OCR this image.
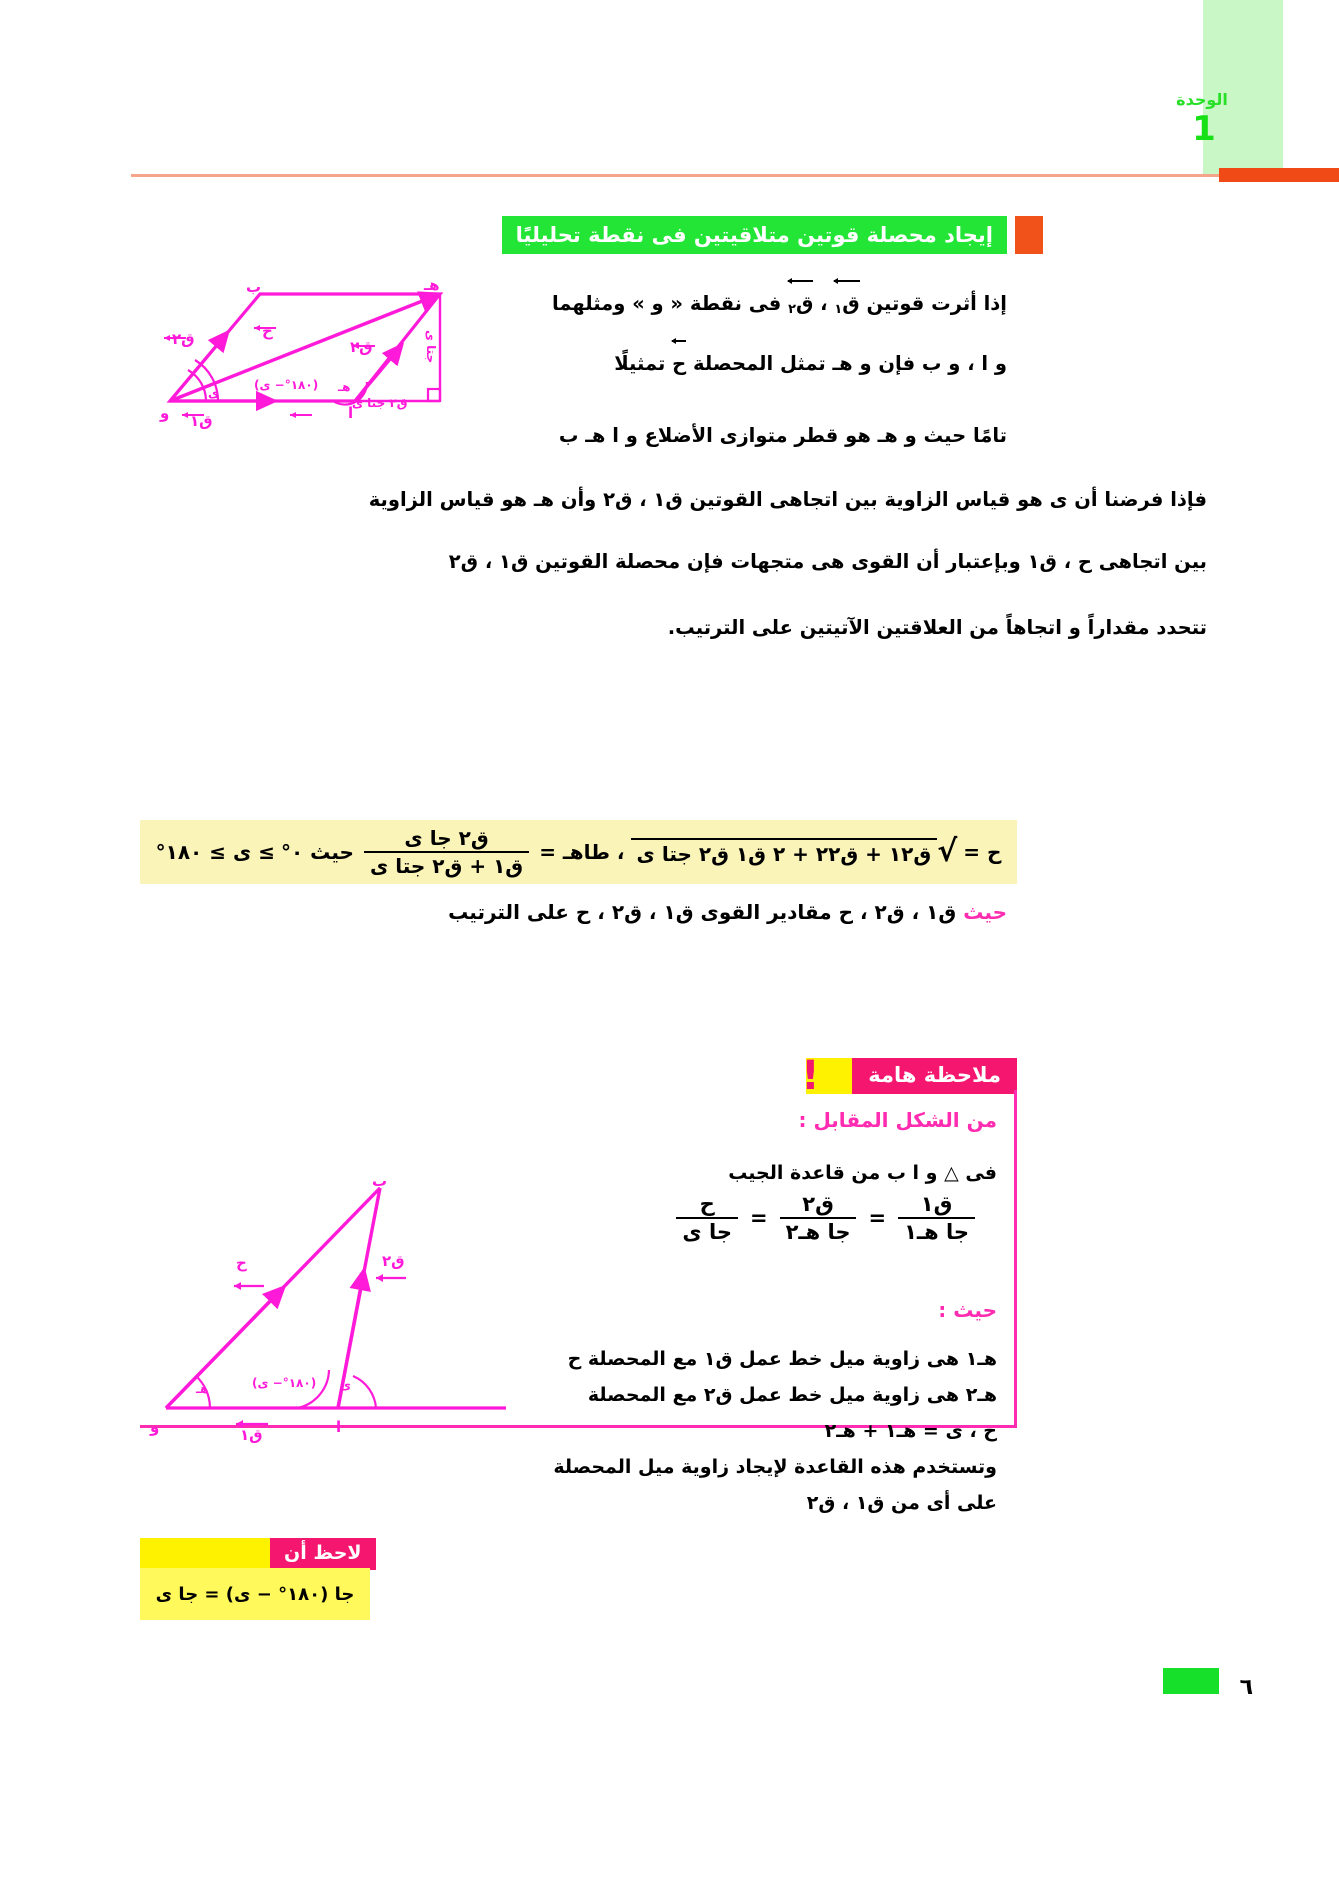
الوحدة
1
إيجاد محصلة قوتين متلاقيتين فى نقطة تحليليًا
ب	هـ
و	ا
ق٢	ق٢
ق١
ح
ى
(١٨٠°− ى) هـ
ق٢ جتا ى
جتا ى
إذا أثرت قوتين ق$_١$ ، ق$_٢$ فى نقطة « و » ومثلهما
و ا ، و ب فإن و هـ تمثل المحصلة ح تمثيلًا
تامًا حيث و هـ هو قطر متوازى الأضلاع و ا هـ ب
فإذا فرضنا أن ى هو قياس الزاوية بين اتجاهى القوتين ق١ ، ق٢ وأن هـ هو قياس الزاوية
بين اتجاهى ح ، ق١ وبإعتبار أن القوى هى متجهات فإن محصلة القوتين ق١ ، ق٢
تتحدد مقداراً و اتجاهاً من العلاقتين الآتيتين على الترتيب.
ح =
√
ق١٢ + ق٢٢ + ٢ ق١ ق٢ جتا ى
، طاهـ =
$\frac{\text{ق٢ جا ى}}{\text{ق١ + ق٢ جتا ى}}$
حيث ٠°
≥ ى ≥ ١٨٠°
حيث ق١ ، ق٢ ، ح مقادير القوى ق١ ، ق٢ ، ح على الترتيب
ملاحظة هامة
!
من الشكل المقابل :
فى △ و ا ب من قاعدة الجيب
$\frac{\text{ق١}}{\text{جا هـ١}}$
=
$\frac{\text{ق٢}}{\text{جا هـ٢}}$
=
$\frac{\text{ح}}{\text{جا ى}}$
حيث :
هـ١ هى زاوية ميل خط عمل ق١ مع المحصلة ح
هـ٢ هى زاوية ميل خط عمل ق٢ مع المحصلة
ح ، ى = هـ١ + هـ٢
وتستخدم هذه القاعدة لإيجاد زاوية ميل المحصلة
على أى من ق١ ، ق٢
ب
و	ا
ح	ق٢
ق١
هـ	(١٨٠°− ى) ى
لاحظ أن
جا (١٨٠° − ى) = جا ى
٦
